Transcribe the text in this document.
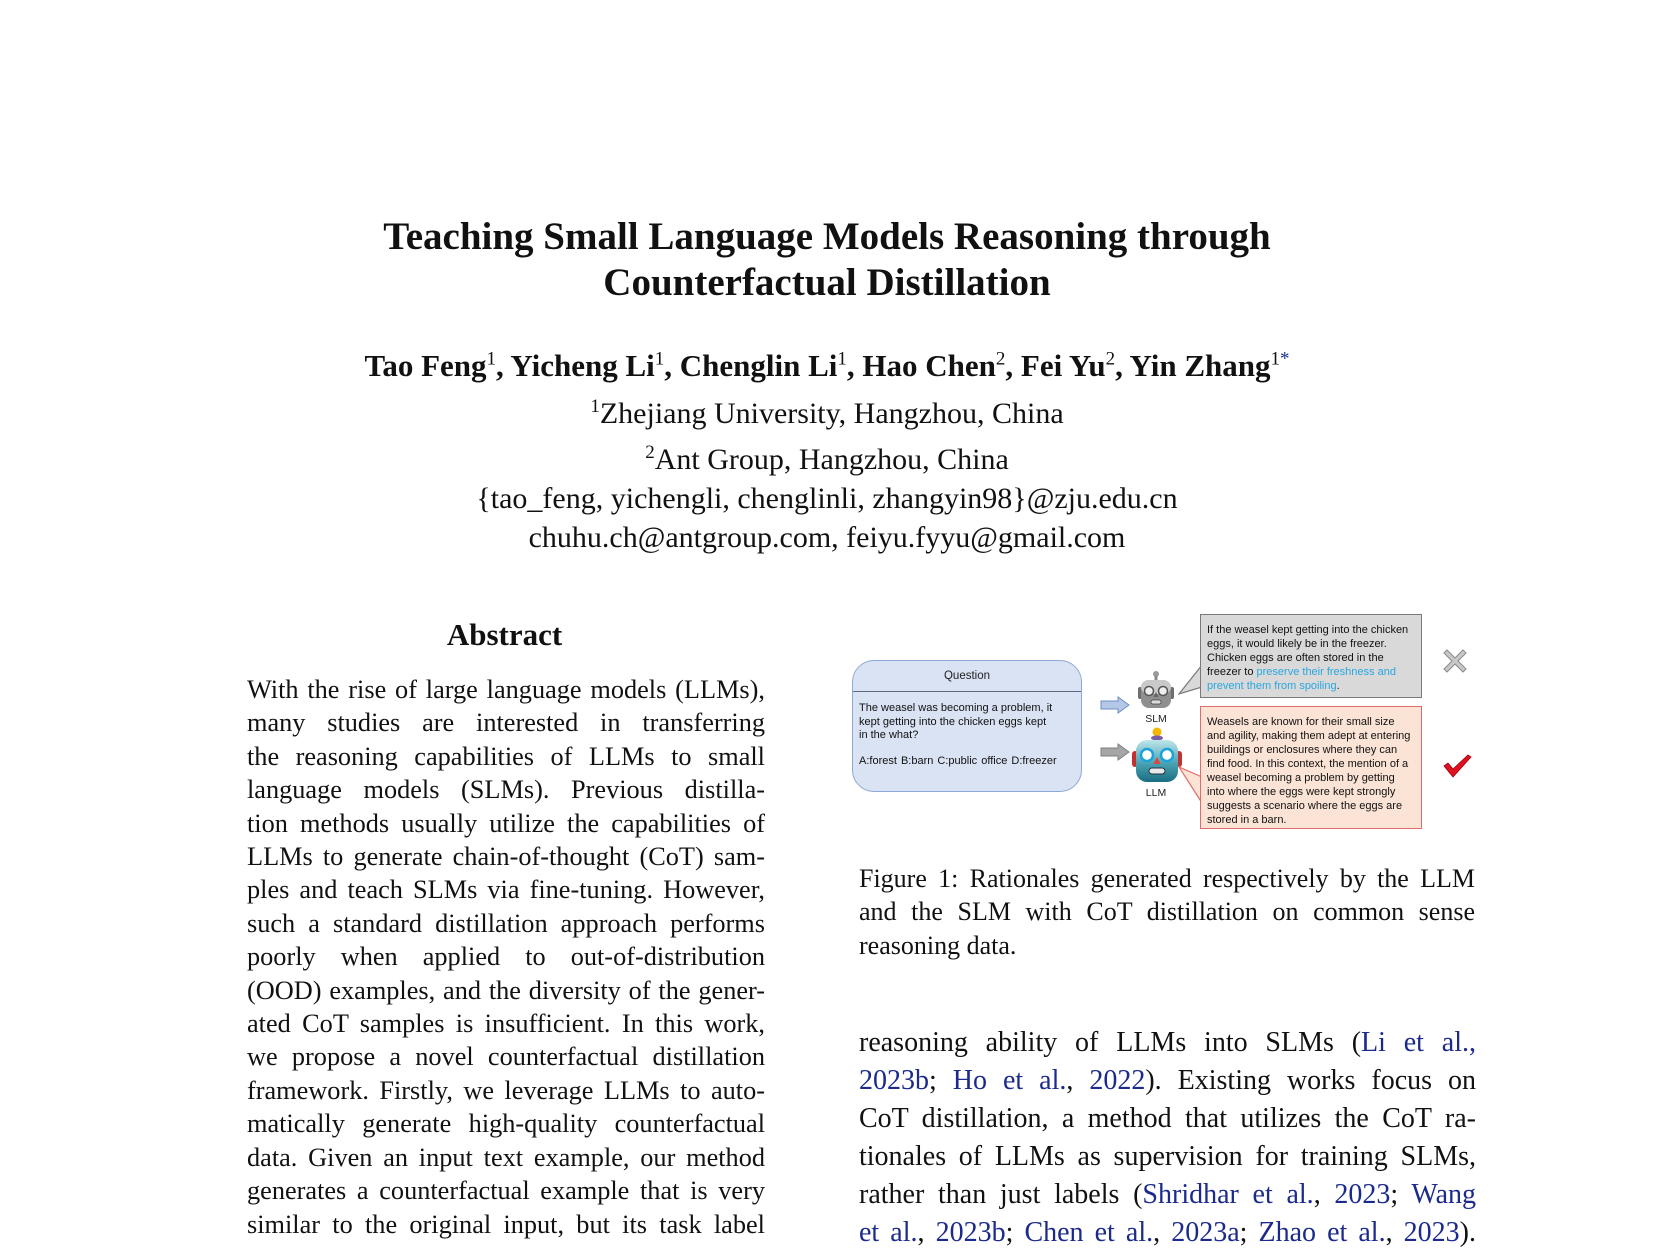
Teaching Small Language Models Reasoning through
Counterfactual Distillation
Tao Feng$^1$, Yicheng Li$^1$, Chenglin Li$^1$, Hao Chen$^2$, Fei Yu$^2$, Yin Zhang$^{1*}$
$^1$Zhejiang University, Hangzhou, China
$^2$Ant Group, Hangzhou, China
{tao_feng, yichengli, chenglinli, zhangyin98}@zju.edu.cn
chuhu.ch@antgroup.com, feiyu.fyyu@gmail.com
Abstract
With the rise of large language models (LLMs),
many studies are interested in transferring
the reasoning capabilities of LLMs to small
language models (SLMs). Previous distilla-
tion methods usually utilize the capabilities of
LLMs to generate chain-of-thought (CoT) sam-
ples and teach SLMs via fine-tuning. However,
such a standard distillation approach performs
poorly when applied to out-of-distribution
(OOD) examples, and the diversity of the gener-
ated CoT samples is insufficient. In this work,
we propose a novel counterfactual distillation
framework. Firstly, we leverage LLMs to auto-
matically generate high-quality counterfactual
data. Given an input text example, our method
generates a counterfactual example that is very
similar to the original input, but its task label
Question
The weasel was becoming a problem, it
kept getting into the chicken eggs kept
in the what?
A:forest B:barn C:public office D:freezer
SLM
LLM
If the weasel kept getting into the chicken eggs, it would likely be in the freezer. Chicken eggs are often stored in the freezer to preserve their freshness and prevent them from spoiling.
Weasels are known for their small size and agility, making them adept at entering buildings or enclosures where they can find food. In this context, the mention of a weasel becoming a problem by getting into where the eggs were kept strongly suggests a scenario where the eggs are stored in a barn.
Figure 1: Rationales generated respectively by the LLM
and the SLM with CoT distillation on common sense
reasoning data.
reasoning ability of LLMs into SLMs (Li et al.,
2023b; Ho et al., 2022). Existing works focus on
CoT distillation, a method that utilizes the CoT ra-
tionales of LLMs as supervision for training SLMs,
rather than just labels (Shridhar et al., 2023; Wang
et al., 2023b; Chen et al., 2023a; Zhao et al., 2023).
